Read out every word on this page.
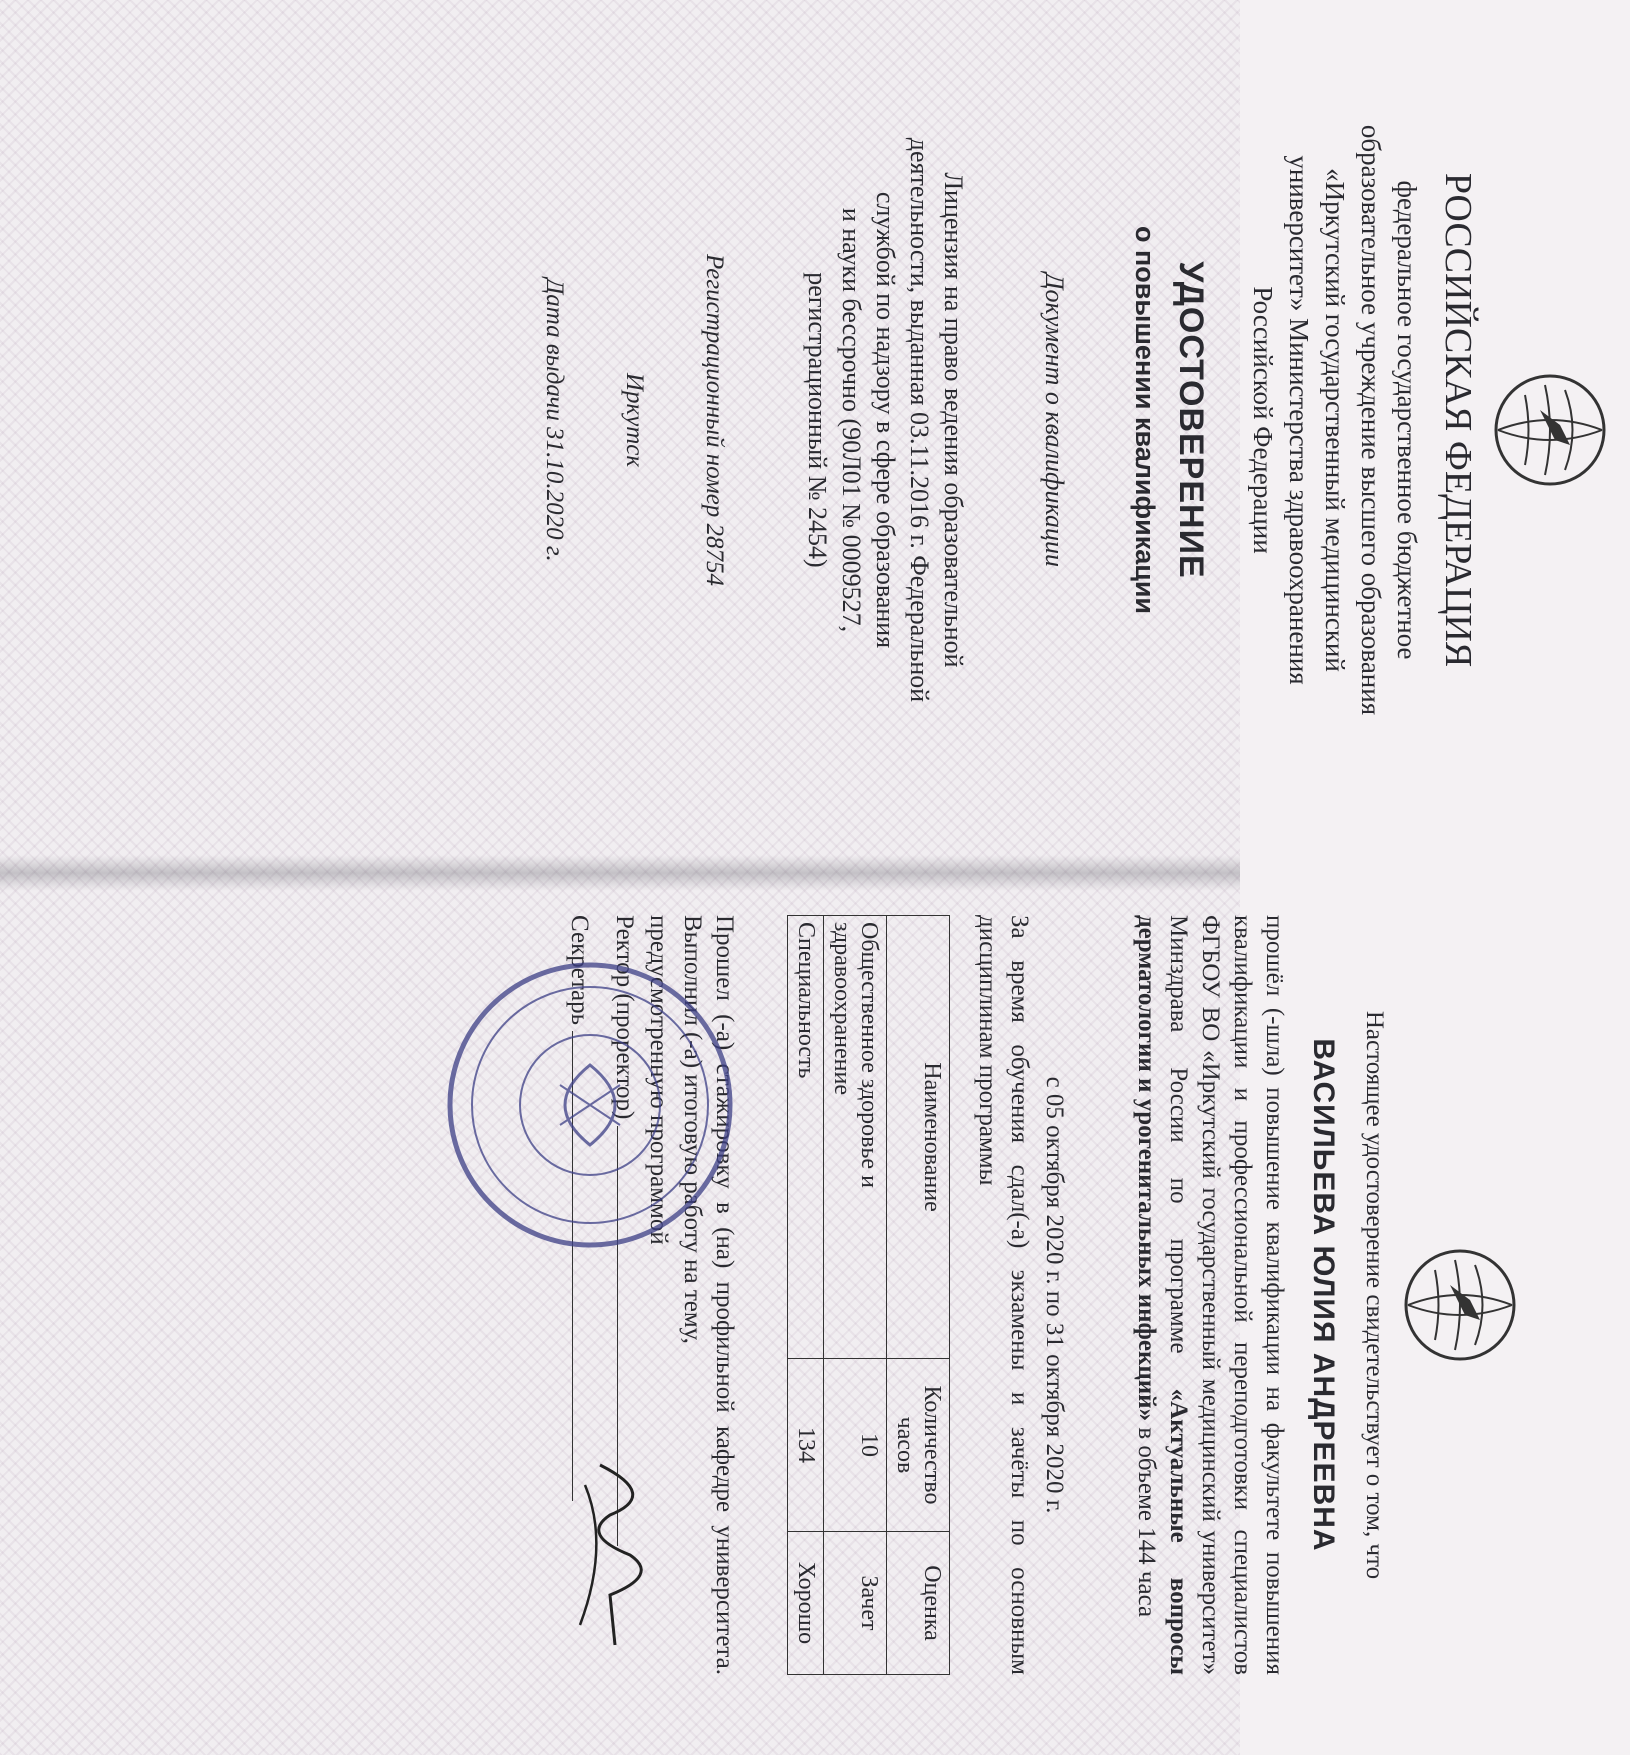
РОССИЙСКАЯ ФЕДЕРАЦИЯ
федеральное государственное бюджетное
образовательное учреждение высшего образования
«Иркутский государственный медицинский
университет» Министерства здравоохранения
Российской Федерации
УДОСТОВЕРЕНИЕ
о повышении квалификации
Документ о квалификации
Лицензия на право ведения образовательной
деятельности, выданная 03.11.2016 г. Федеральной
службой по надзору в сфере образования
и науки бессрочно (90Л01 № 0009527,
регистрационный № 2454)
Регистрационный номер 28754
Иркутск
Дата выдачи 31.10.2020 г.
Настоящее удостоверение свидетельствует о том, что
ВАСИЛЬЕВА ЮЛИЯ АНДРЕЕВНА
прошёл (-шла) повышение квалификации на факультете повышения квалификации и профессиональной переподготовки специалистов ФГБОУ ВО «Иркутский государственный медицинский университет» Минздрава России по программе «Актуальные вопросы дерматологии и урогенитальных инфекций» в объеме 144 часа
с 05 октября 2020 г. по 31 октября 2020 г.
За время обучения сдал(-а) экзамены и зачёты по основным дисциплинам программы
Наименование	Количество часов	Оценка
Общественное здоровье и здравоохранение	10	Зачет
Специальность	134	Хорошо
Прошел (-а) стажировку в (на) профильной кафедре университета. Выполнил (-а) итоговую работу на тему,
предусмотренную программой
Ректор (проректор)
Секретарь
